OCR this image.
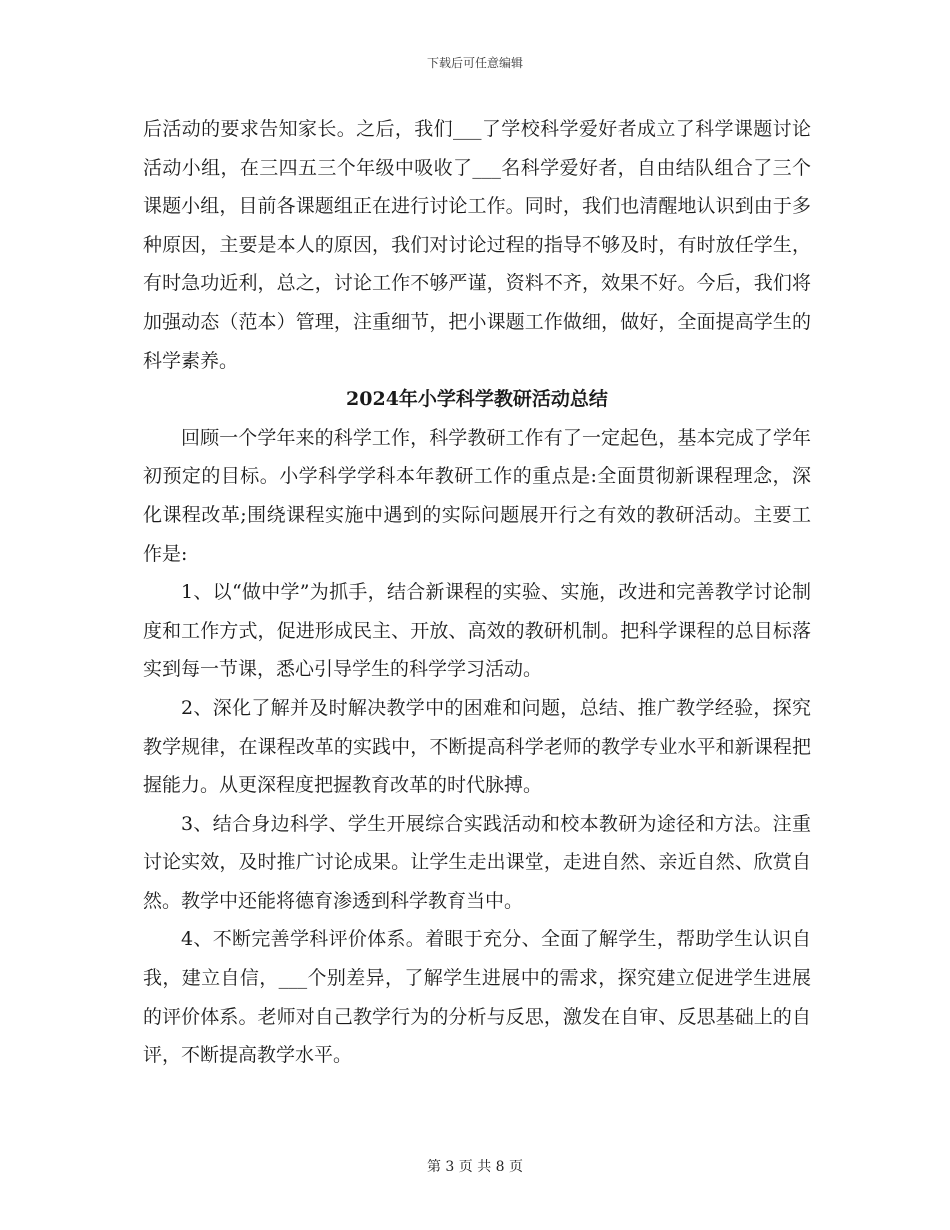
下载后可任意编辑

后活动的要求告知家长。之后，我们___了学校科学爱好者成立了科学课题讨论活动小组，在三四五三个年级中吸收了___名科学爱好者，自由结队组合了三个课题小组，目前各课题组正在进行讨论工作。同时，我们也清醒地认识到由于多种原因，主要是本人的原因，我们对讨论过程的指导不够及时，有时放任学生，有时急功近利，总之，讨论工作不够严谨，资料不齐，效果不好。今后，我们将加强动态（范本）管理，注重细节，把小课题工作做细，做好，全面提高学生的科学素养。

2024年小学科学教研活动总结

回顾一个学年来的科学工作，科学教研工作有了一定起色，基本完成了学年初预定的目标。小学科学学科本年教研工作的重点是:全面贯彻新课程理念，深化课程改革;围绕课程实施中遇到的实际问题展开行之有效的教研活动。主要工作是:

1、以“做中学”为抓手，结合新课程的实验、实施，改进和完善教学讨论制度和工作方式，促进形成民主、开放、高效的教研机制。把科学课程的总目标落实到每一节课，悉心引导学生的科学学习活动。

2、深化了解并及时解决教学中的困难和问题，总结、推广教学经验，探究教学规律，在课程改革的实践中，不断提高科学老师的教学专业水平和新课程把握能力。从更深程度把握教育改革的时代脉搏。

3、结合身边科学、学生开展综合实践活动和校本教研为途径和方法。注重讨论实效，及时推广讨论成果。让学生走出课堂，走进自然、亲近自然、欣赏自然。教学中还能将德育渗透到科学教育当中。

4、不断完善学科评价体系。着眼于充分、全面了解学生，帮助学生认识自我，建立自信，___个别差异，了解学生进展中的需求，探究建立促进学生进展的评价体系。老师对自己教学行为的分析与反思，激发在自审、反思基础上的自评，不断提高教学水平。

第 3 页 共 8 页
